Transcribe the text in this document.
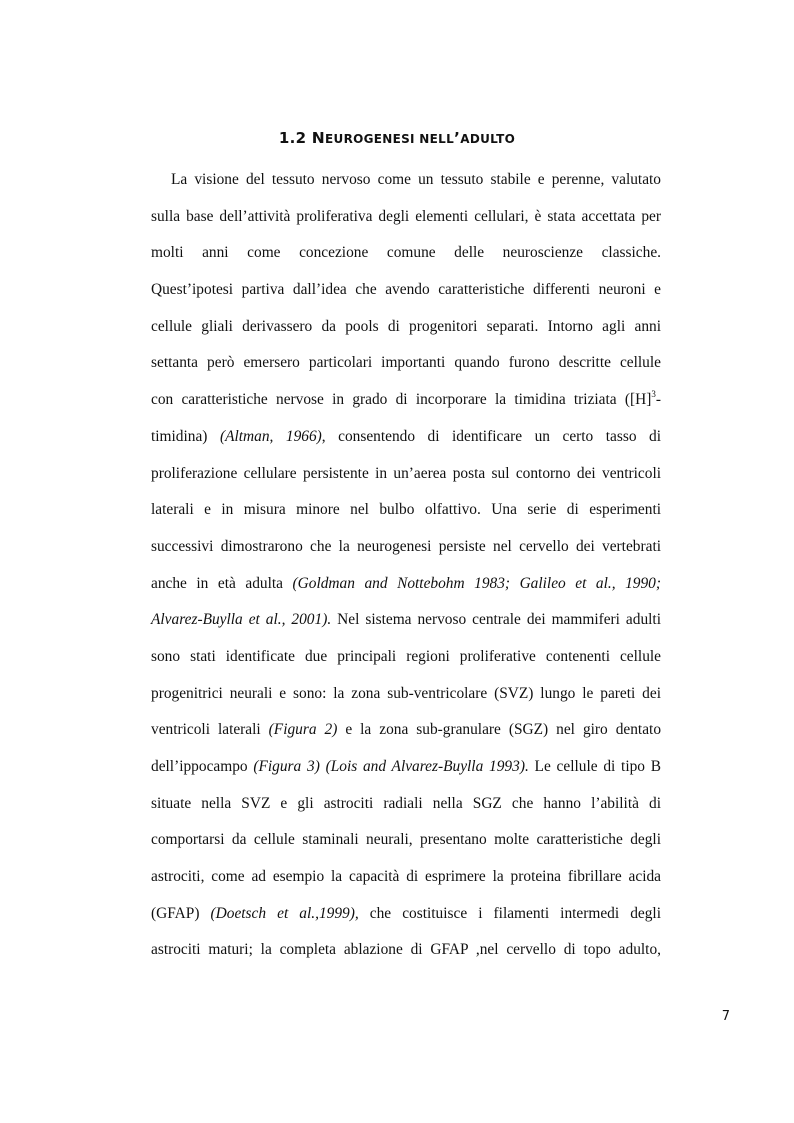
1.2 NEUROGENESI NELL’ADULTO
La visione del tessuto nervoso come un tessuto stabile e perenne, valutato
sulla base dell’attività proliferativa degli elementi cellulari, è stata accettata per
molti anni come concezione comune delle neuroscienze classiche.
Quest’ipotesi partiva dall’idea che avendo caratteristiche differenti neuroni e
cellule gliali derivassero da pools di progenitori separati. Intorno agli anni
settanta però emersero particolari importanti quando furono descritte cellule
con caratteristiche nervose in grado di incorporare la timidina triziata ($[H]^3-$
timidina) (Altman, 1966), consentendo di identificare un certo tasso di
proliferazione cellulare persistente in un’aerea posta sul contorno dei ventricoli
laterali e in misura minore nel bulbo olfattivo. Una serie di esperimenti
successivi dimostrarono che la neurogenesi persiste nel cervello dei vertebrati
anche in età adulta (Goldman and Nottebohm 1983; Galileo et al., 1990;
Alvarez-Buylla et al., 2001). Nel sistema nervoso centrale dei mammiferi adulti
sono stati identificate due principali regioni proliferative contenenti cellule
progenitrici neurali e sono: la zona sub-ventricolare (SVZ) lungo le pareti dei
ventricoli laterali (Figura 2) e la zona sub-granulare (SGZ) nel giro dentato
dell’ippocampo (Figura 3) (Lois and Alvarez-Buylla 1993). Le cellule di tipo B
situate nella SVZ e gli astrociti radiali nella SGZ che hanno l’abilità di
comportarsi da cellule staminali neurali, presentano molte caratteristiche degli
astrociti, come ad esempio la capacità di esprimere la proteina fibrillare acida
(GFAP) (Doetsch et al.,1999), che costituisce i filamenti intermedi degli
astrociti maturi; la completa ablazione di GFAP ,nel cervello di topo adulto,
7
